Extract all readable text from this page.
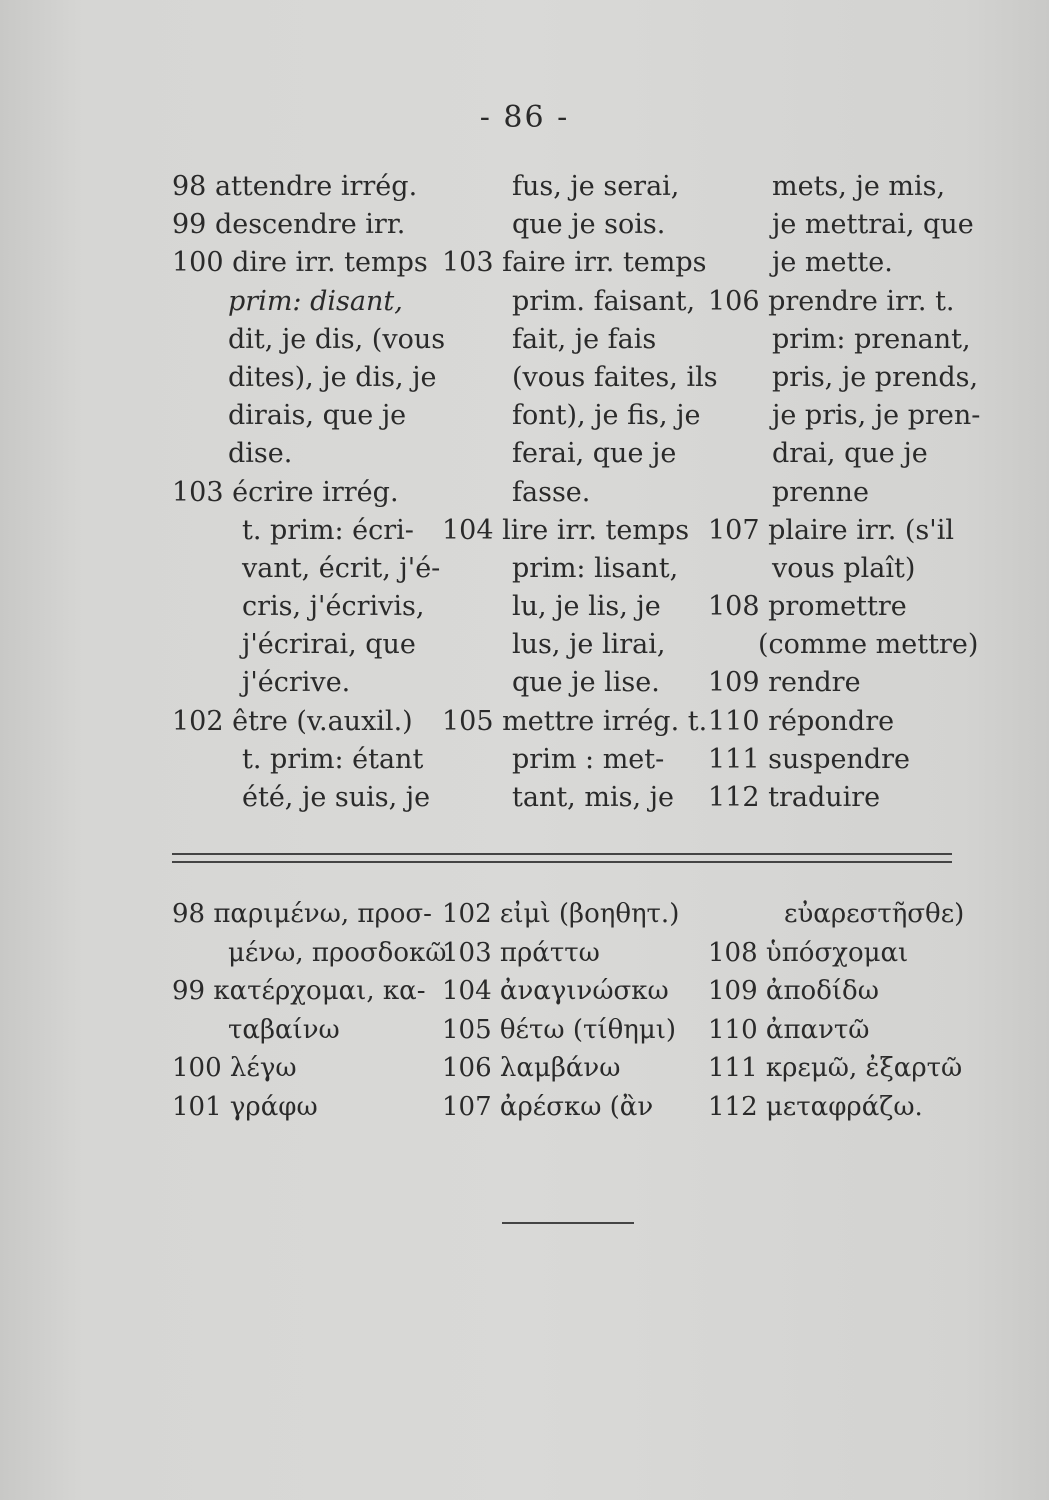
- 86 -
98 attendre irrég.
99 descendre irr.
100 dire irr. temps
prim: disant,
dit, je dis, (vous
dites), je dis, je
dirais, que je
dise.
103 écrire irrég.
t. prim: écri-
vant, écrit, j'é-
cris, j'écrivis,
j'écrirai, que
j'écrive.
102 être (v.auxil.)
t. prim: étant
été, je suis, je
fus, je serai,
que je sois.
103 faire irr. temps
prim. faisant,
fait, je fais
(vous faites, ils
font), je fis, je
ferai, que je
fasse.
104 lire irr. temps
prim: lisant,
lu, je lis, je
lus, je lirai,
que je lise.
105 mettre irrég. t.
prim : met-
tant, mis, je
mets, je mis,
je mettrai, que
je mette.
106 prendre irr. t.
prim: prenant,
pris, je prends,
je pris, je pren-
drai, que je
prenne
107 plaire irr. (s'il
vous plaît)
108 promettre
(comme mettre)
109 rendre
110 répondre
111 suspendre
112 traduire
98 παριμένω, προσ-
μένω, προσδοκῶ
99 κατέρχομαι, κα-
ταβαίνω
100 λέγω
101 γράφω
102 εἰμὶ (βοηθητ.)
103 πράττω
104 ἀναγινώσκω
105 θέτω (τίθημι)
106 λαμβάνω
107 ἀρέσκω (ἂν
εὐαρεστῆσθε)
108 ὑπόσχομαι
109 ἀποδίδω
110 ἀπαντῶ
111 κρεμῶ, ἐξαρτῶ
112 μεταφράζω.
